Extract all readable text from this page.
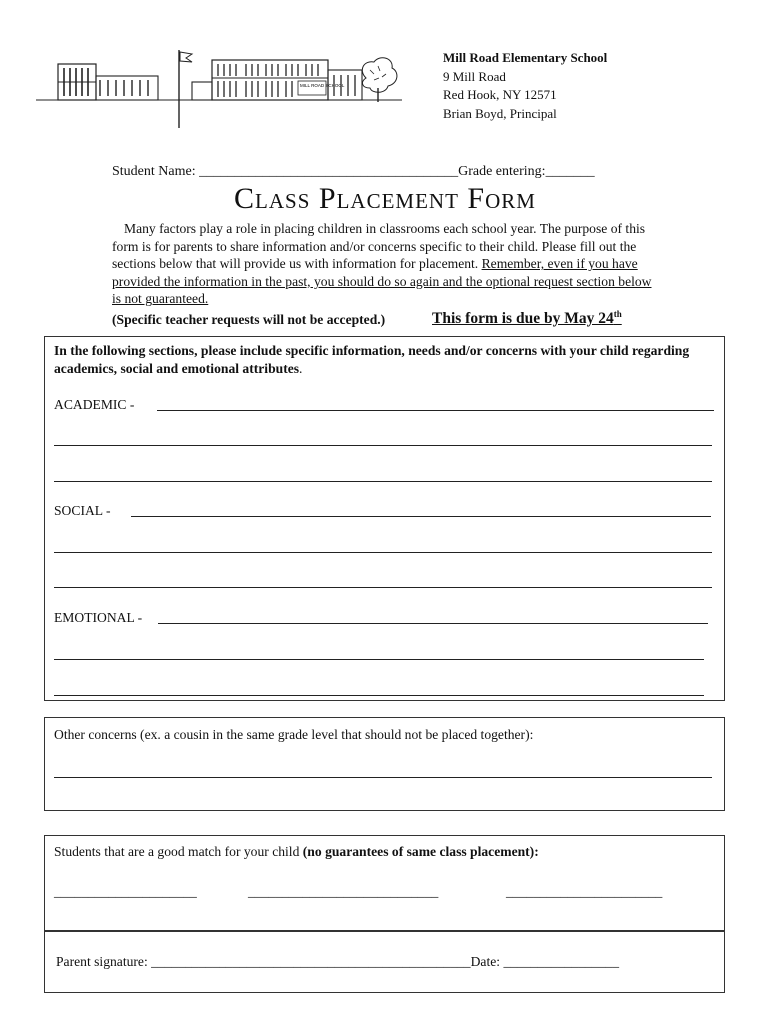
MILL ROAD SCHOOL
Mill Road Elementary School
9 Mill Road
Red Hook, NY 12571
Brian Boyd, Principal
Student Name: _____________________________________Grade entering:_______
Class Placement Form
Many factors play a role in placing children in classrooms each school year. The purpose of this form is for parents to share information and/or concerns specific to their child. Please fill out the sections below that will provide us with information for placement. Remember, even if you have provided the information in the past, you should do so again and the optional request section below is not guaranteed.
(Specific teacher requests will not be accepted.)	This form is due by May 24th
In the following sections, please include specific information, needs and/or concerns with your child regarding academics, social and emotional attributes.
ACADEMIC -
SOCIAL -
EMOTIONAL -
Other concerns (ex. a cousin in the same grade level that should not be placed together):
Students that are a good match for your child (no guarantees of same class placement):
_____________________	____________________________	_______________________
Parent signature: _______________________________________________Date: _________________
